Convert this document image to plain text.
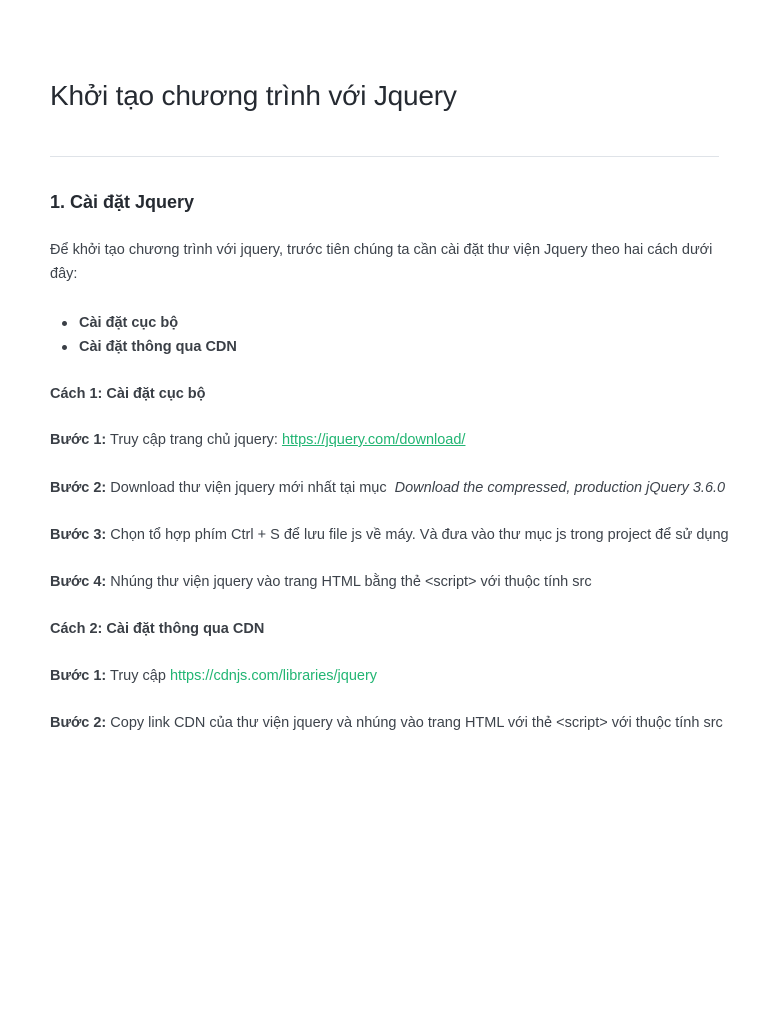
Khởi tạo chương trình với Jquery
1. Cài đặt Jquery

Để khởi tạo chương trình với jquery, trước tiên chúng ta cần cài đặt thư viện Jquery theo hai cách dưới đây:

Cài đặt cục bộ
Cài đặt thông qua CDN

Cách 1: Cài đặt cục bộ

Bước 1: Truy cập trang chủ jquery: https://jquery.com/download/

Bước 2: Download thư viện jquery mới nhất tại mục Download the compressed, production jQuery 3.6.0

Bước 3: Chọn tổ hợp phím Ctrl + S để lưu file js về máy. Và đưa vào thư mục js trong project để sử dụng

Bước 4: Nhúng thư viện jquery vào trang HTML bằng thẻ <script> với thuộc tính src

Cách 2: Cài đặt thông qua CDN

Bước 1: Truy cập https://cdnjs.com/libraries/jquery

Bước 2: Copy link CDN của thư viện jquery và nhúng vào trang HTML với thẻ <script> với thuộc tính src
